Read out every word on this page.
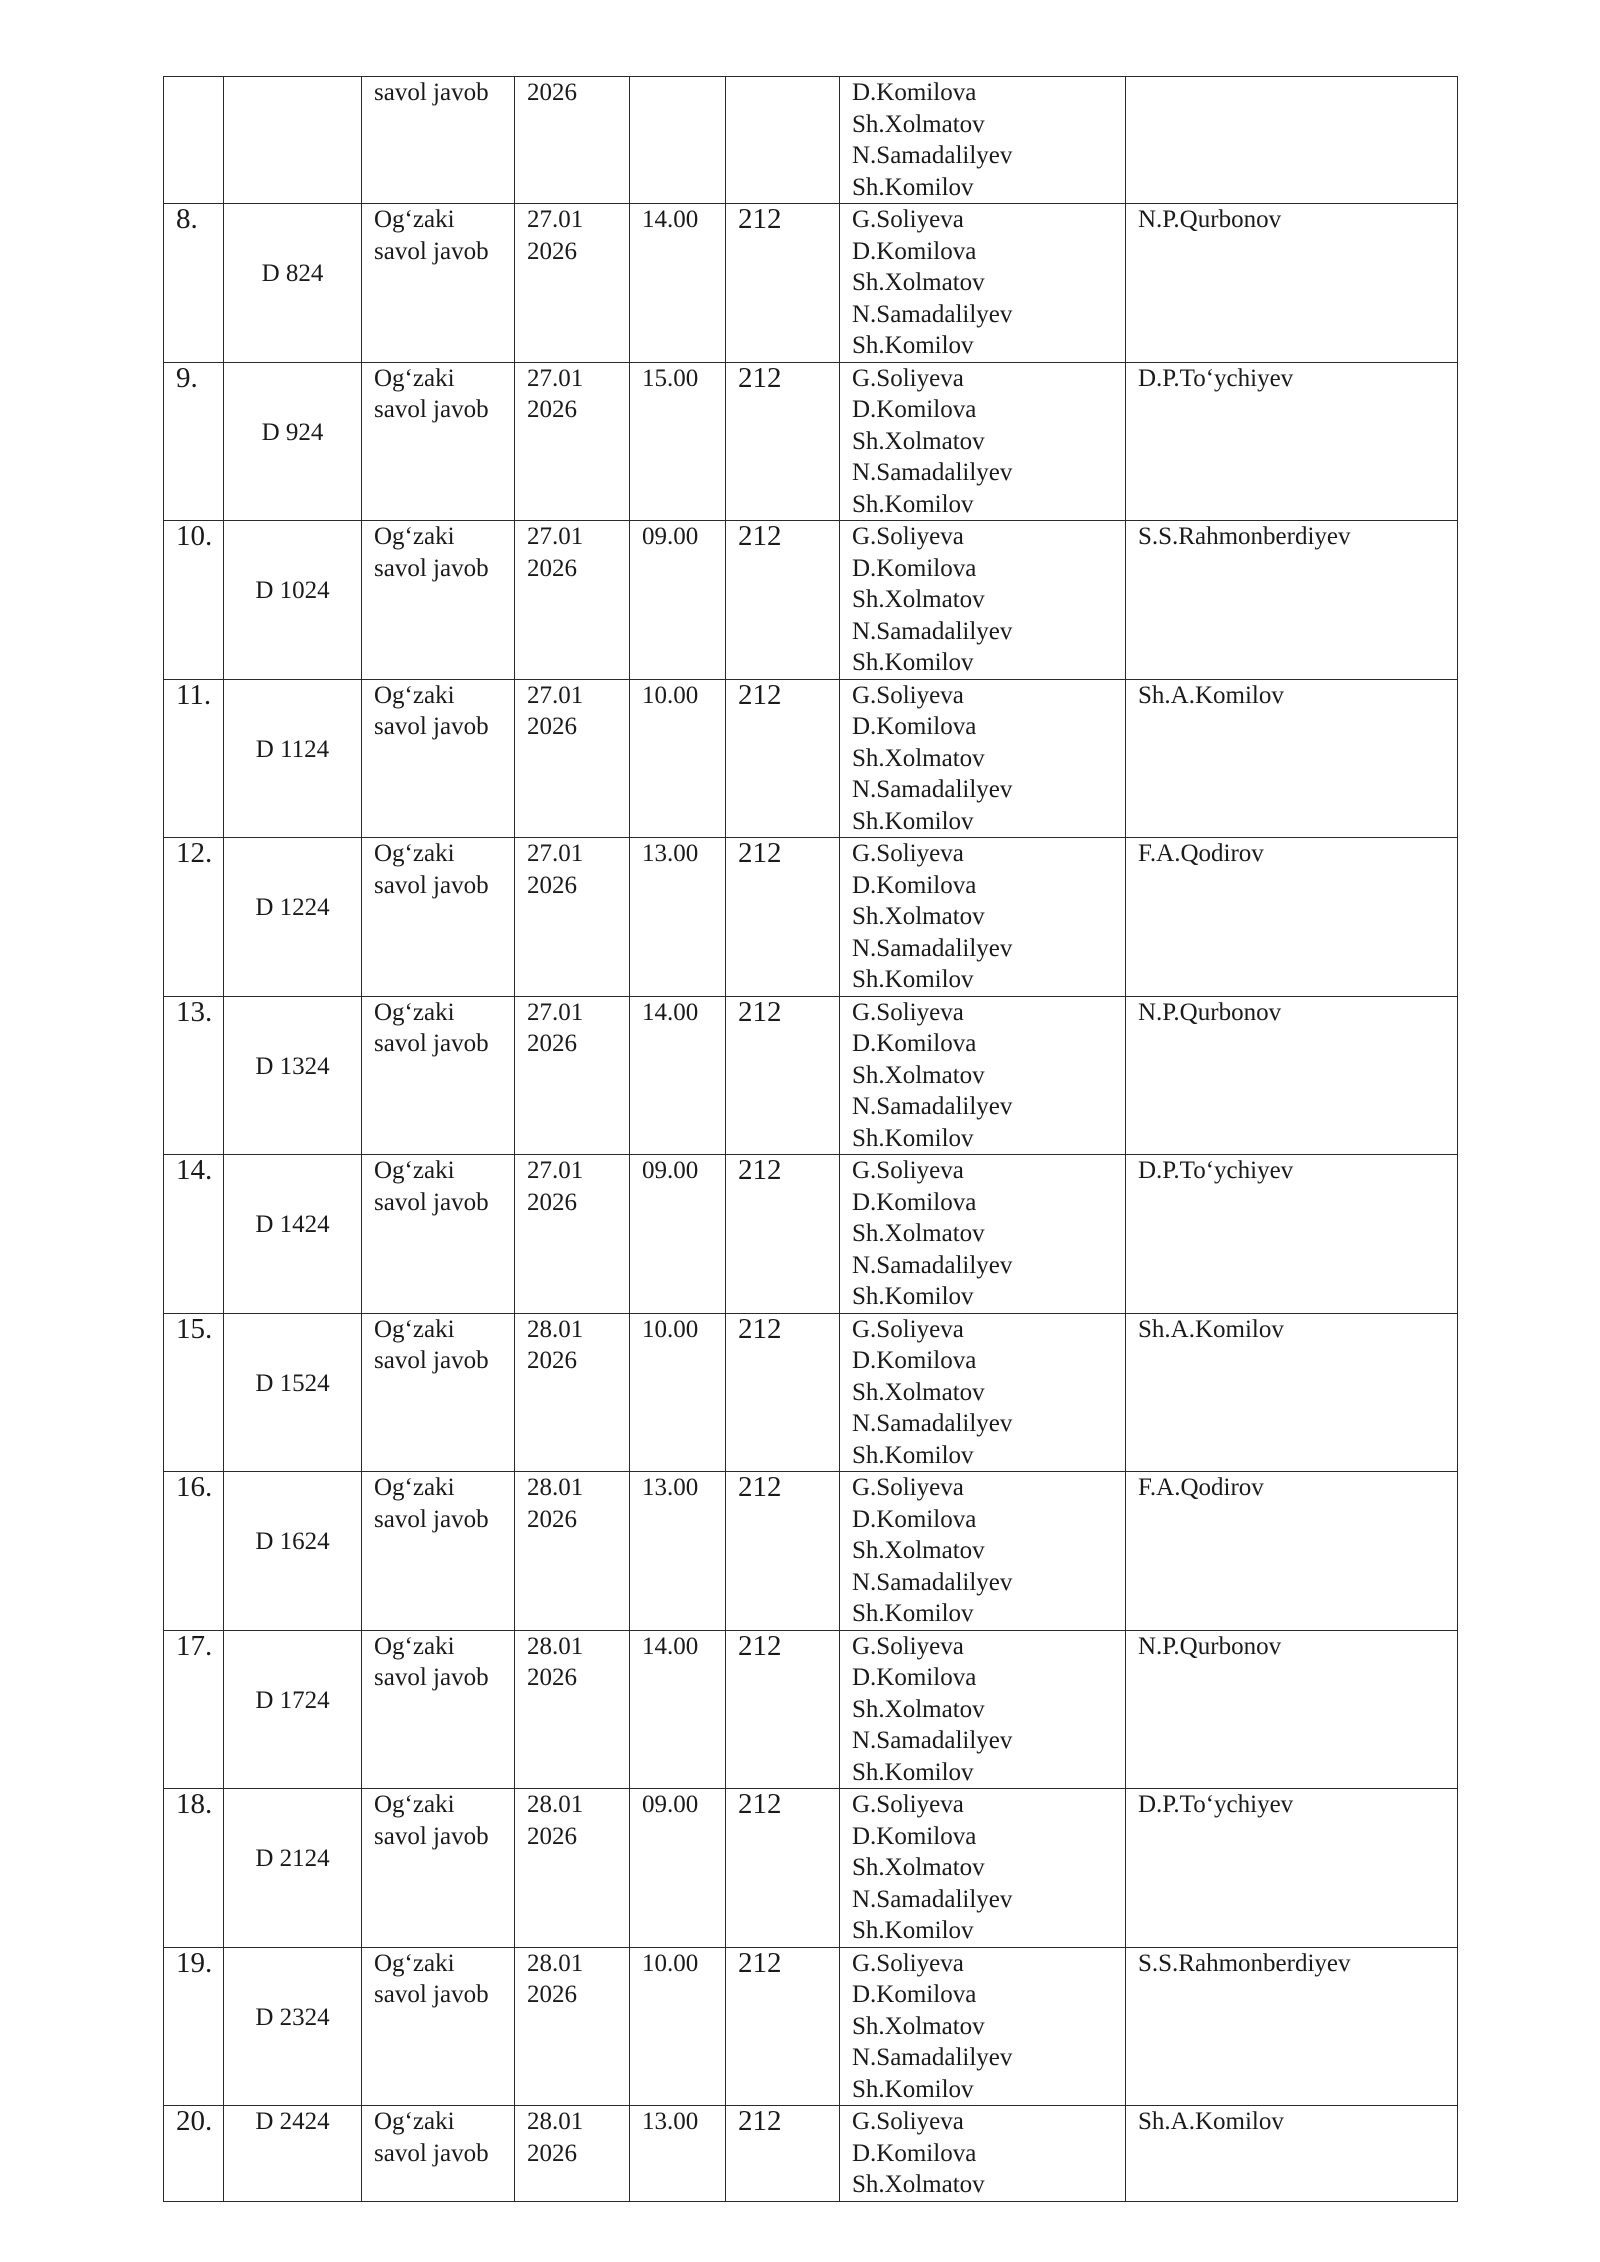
		savol javob	2026			D.Komilova
Sh.Xolmatov
N.Samadalilyev
Sh.Komilov	

8.	D 824	Og‘zaki
savol javob	27.01
2026	14.00	212	G.Soliyeva
D.Komilova
Sh.Xolmatov
N.Samadalilyev
Sh.Komilov	N.P.Qurbonov

9.	D 924	Og‘zaki
savol javob	27.01
2026	15.00	212	G.Soliyeva
D.Komilova
Sh.Xolmatov
N.Samadalilyev
Sh.Komilov	D.P.To‘ychiyev

10.	D 1024	Og‘zaki
savol javob	27.01
2026	09.00	212	G.Soliyeva
D.Komilova
Sh.Xolmatov
N.Samadalilyev
Sh.Komilov	S.S.Rahmonberdiyev

11.	D 1124	Og‘zaki
savol javob	27.01
2026	10.00	212	G.Soliyeva
D.Komilova
Sh.Xolmatov
N.Samadalilyev
Sh.Komilov	Sh.A.Komilov

12.	D 1224	Og‘zaki
savol javob	27.01
2026	13.00	212	G.Soliyeva
D.Komilova
Sh.Xolmatov
N.Samadalilyev
Sh.Komilov	F.A.Qodirov

13.	D 1324	Og‘zaki
savol javob	27.01
2026	14.00	212	G.Soliyeva
D.Komilova
Sh.Xolmatov
N.Samadalilyev
Sh.Komilov	N.P.Qurbonov

14.	D 1424	Og‘zaki
savol javob	27.01
2026	09.00	212	G.Soliyeva
D.Komilova
Sh.Xolmatov
N.Samadalilyev
Sh.Komilov	D.P.To‘ychiyev

15.	D 1524	Og‘zaki
savol javob	28.01
2026	10.00	212	G.Soliyeva
D.Komilova
Sh.Xolmatov
N.Samadalilyev
Sh.Komilov	Sh.A.Komilov

16.	D 1624	Og‘zaki
savol javob	28.01
2026	13.00	212	G.Soliyeva
D.Komilova
Sh.Xolmatov
N.Samadalilyev
Sh.Komilov	F.A.Qodirov

17.	D 1724	Og‘zaki
savol javob	28.01
2026	14.00	212	G.Soliyeva
D.Komilova
Sh.Xolmatov
N.Samadalilyev
Sh.Komilov	N.P.Qurbonov

18.	D 2124	Og‘zaki
savol javob	28.01
2026	09.00	212	G.Soliyeva
D.Komilova
Sh.Xolmatov
N.Samadalilyev
Sh.Komilov	D.P.To‘ychiyev

19.	D 2324	Og‘zaki
savol javob	28.01
2026	10.00	212	G.Soliyeva
D.Komilova
Sh.Xolmatov
N.Samadalilyev
Sh.Komilov	S.S.Rahmonberdiyev

20.	D 2424	Og‘zaki
savol javob	28.01
2026	13.00	212	G.Soliyeva
D.Komilova
Sh.Xolmatov	Sh.A.Komilov
